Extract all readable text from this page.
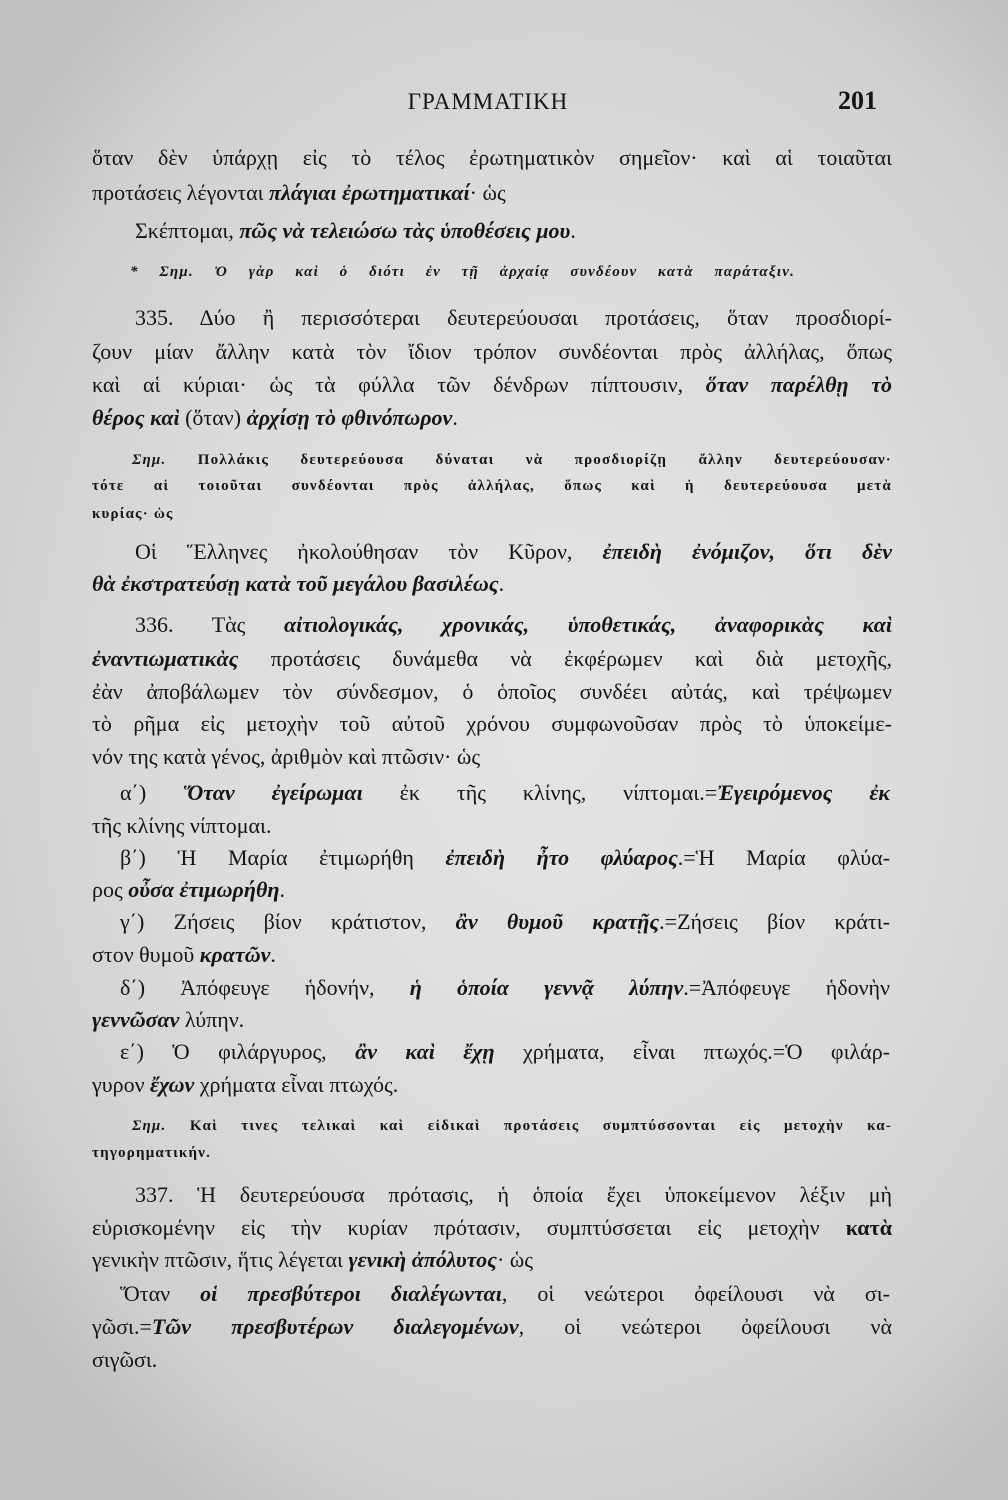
ΓΡΑΜΜΑΤΙΚΗ	201
ὅταν δὲν ὑπάρχῃ εἰς τὸ τέλος ἐρωτηματικὸν σημεῖον· καὶ αἱ τοιαῦται
προτάσεις λέγονται πλάγιαι ἐρωτηματικαί· ὡς
Σκέπτομαι, πῶς νὰ τελειώσω τὰς ὑποθέσεις μου.
* Σημ. Ὁ γὰρ καὶ ὁ διότι ἐν τῇ ἀρχαίᾳ συνδέουν κατὰ παράταξιν.
335. Δύο ἢ περισσότεραι δευτερεύουσαι προτάσεις, ὅταν προσδιορί-
ζουν μίαν ἄλλην κατὰ τὸν ἴδιον τρόπον συνδέονται πρὸς ἀλλήλας, ὅπως
καὶ αἱ κύριαι· ὡς τὰ φύλλα τῶν δένδρων πίπτουσιν, ὅταν παρέλθῃ τὸ
θέρος καὶ (ὅταν) ἀρχίσῃ τὸ φθινόπωρον.
Σημ. Πολλάκις δευτερεύουσα δύναται νὰ προσδιορίζῃ ἄλλην δευτερεύουσαν·
τότε αἱ τοιοῦται συνδέονται πρὸς ἀλλήλας, ὅπως καὶ ἡ δευτερεύουσα μετὰ
κυρίας· ὡς
Οἱ Ἕλληνες ἠκολούθησαν τὸν Κῦρον, ἐπειδὴ ἐνόμιζον, ὅτι δὲν
θὰ ἐκστρατεύσῃ κατὰ τοῦ μεγάλου βασιλέως.
336. Τὰς αἰτιολογικάς, χρονικάς, ὑποθετικάς, ἀναφορικὰς καὶ
ἐναντιωματικὰς προτάσεις δυνάμεθα νὰ ἐκφέρωμεν καὶ διὰ μετοχῆς,
ἐὰν ἀποβάλωμεν τὸν σύνδεσμον, ὁ ὁποῖος συνδέει αὐτάς, καὶ τρέψωμεν
τὸ ρῆμα εἰς μετοχὴν τοῦ αὐτοῦ χρόνου συμφωνοῦσαν πρὸς τὸ ὑποκείμε-
νόν της κατὰ γένος, ἀριθμὸν καὶ πτῶσιν· ὡς
α΄) Ὅταν ἐγείρωμαι ἐκ τῆς κλίνης, νίπτομαι.=Ἐγειρόμενος ἐκ
τῆς κλίνης νίπτομαι.
β΄) Ἡ Μαρία ἐτιμωρήθη ἐπειδὴ ἦτο φλύαρος.=Ἡ Μαρία φλύα-
ρος οὖσα ἐτιμωρήθη.
γ΄) Ζήσεις βίον κράτιστον, ἂν θυμοῦ κρατῇς.=Ζήσεις βίον κράτι-
στον θυμοῦ κρατῶν.
δ΄) Ἀπόφευγε ἡδονήν, ἡ ὁποία γεννᾷ λύπην.=Ἀπόφευγε ἡδονὴν
γεννῶσαν λύπην.
ε΄) Ὁ φιλάργυρος, ἂν καὶ ἔχῃ χρήματα, εἶναι πτωχός.=Ὁ φιλάρ-
γυρον ἔχων χρήματα εἶναι πτωχός.
Σημ. Καὶ τινες τελικαὶ καὶ εἰδικαὶ προτάσεις συμπτύσσονται εἰς μετοχὴν κα-
τηγορηματικήν.
337. Ἡ δευτερεύουσα πρότασις, ἡ ὁποία ἔχει ὑποκείμενον λέξιν μὴ
εὑρισκομένην εἰς τὴν κυρίαν πρότασιν, συμπτύσσεται εἰς μετοχὴν κατὰ
γενικὴν πτῶσιν, ἥτις λέγεται γενικὴ ἀπόλυτος· ὡς
Ὅταν οἱ πρεσβύτεροι διαλέγωνται, οἱ νεώτεροι ὀφείλουσι νὰ σι-
γῶσι.=Τῶν πρεσβυτέρων διαλεγομένων, οἱ νεώτεροι ὀφείλουσι νὰ
σιγῶσι.
